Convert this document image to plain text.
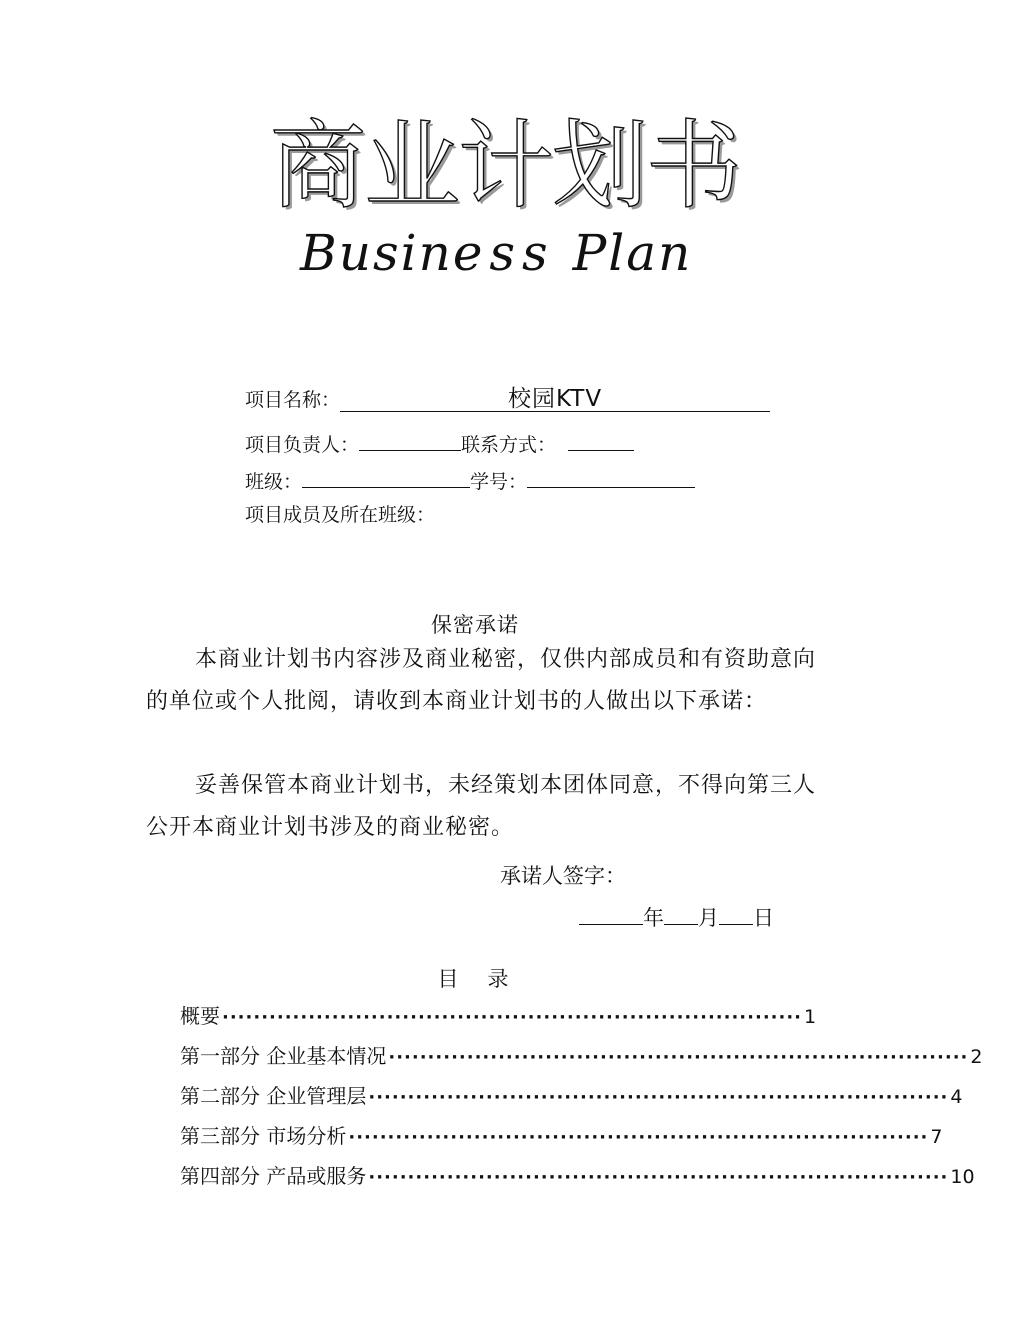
商业计划书
Business Plan
项目名称：	校园KTV
项目负责人：	联系方式：
班级：	学号：
项目成员及所在班级：
保密承诺
本商业计划书内容涉及商业秘密，仅供内部成员和有资助意向的单位或个人批阅，请收到本商业计划书的人做出以下承诺：
妥善保管本商业计划书，未经策划本团体同意，不得向第三人公开本商业计划书涉及的商业秘密。
承诺人签字：
年 月 日
目　录
概要 ·········································································· 1
第一部分 企业基本情况 ·········································································· 2
第二部分 企业管理层 ·········································································· 4
第三部分 市场分析 ·········································································· 7
第四部分 产品或服务 ·········································································· 10
